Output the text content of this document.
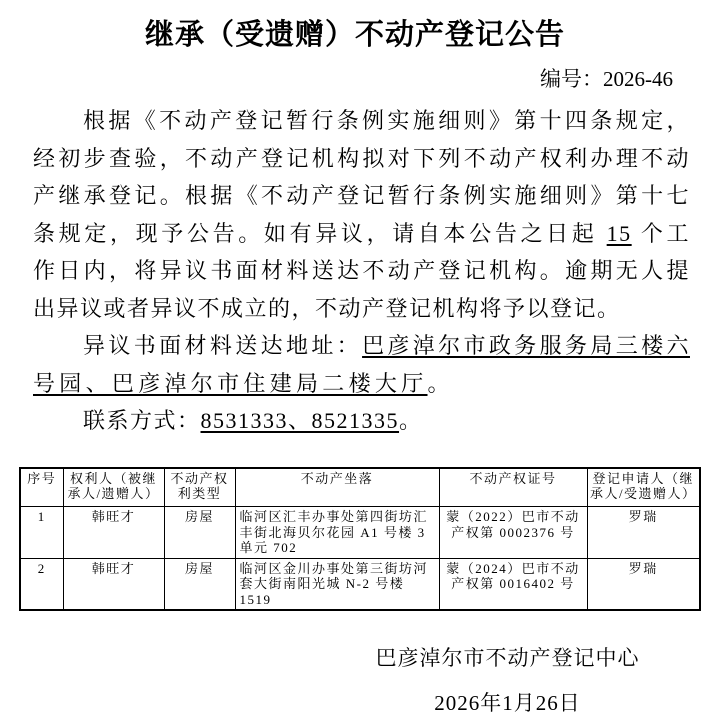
继承（受遗赠）不动产登记公告
编号：2026-46
根据《不动产登记暂行条例实施细则》第十四条规定，
经初步查验，不动产登记机构拟对下列不动产权利办理不动
产继承登记。根据《不动产登记暂行条例实施细则》第十七
条规定，现予公告。如有异议，请自本公告之日起 15 个工
作日内，将异议书面材料送达不动产登记机构。逾期无人提
出异议或者异议不成立的，不动产登记机构将予以登记。
异议书面材料送达地址：巴彦淖尔市政务服务局三楼六
号园、巴彦淖尔市住建局二楼大厅。
联系方式：8531333、8521335。
序号	权利人（被继承人/遗赠人）	不动产权利类型	不动产坐落	不动产权证号	登记申请人（继承人/受遗赠人）
1	韩旺才	房屋	临河区汇丰办事处第四街坊汇丰街北海贝尔花园 A1 号楼 3 单元 702	蒙（2022）巴市不动产权第 0002376 号	罗瑞
2	韩旺才	房屋	临河区金川办事处第三街坊河套大街南阳光城 N-2 号楼 1519	蒙（2024）巴市不动产权第 0016402 号	罗瑞
巴彦淖尔市不动产登记中心
2026年1月26日
